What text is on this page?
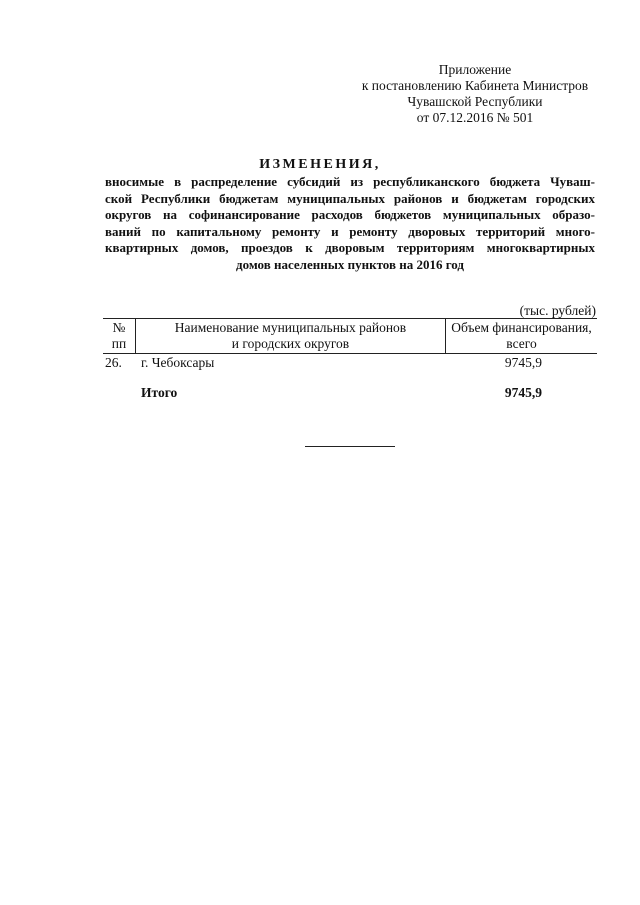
Приложение
к постановлению Кабинета Министров
Чувашской Республики
от 07.12.2016 № 501
ИЗМЕНЕНИЯ,
вносимые в распределение субсидий из республиканского бюджета Чуваш-
ской Республики бюджетам муниципальных районов и бюджетам городских
округов на софинансирование расходов бюджетов муниципальных образо-
ваний по капитальному ремонту и ремонту дворовых территорий много-
квартирных домов, проездов к дворовым территориям многоквартирных
домов населенных пунктов на 2016 год
(тыс. рублей)
№
пп
Наименование муниципальных районов
и городских округов
Объем финансирования,
всего
26. г. Чебоксары	9745,9
Итого	9745,9
